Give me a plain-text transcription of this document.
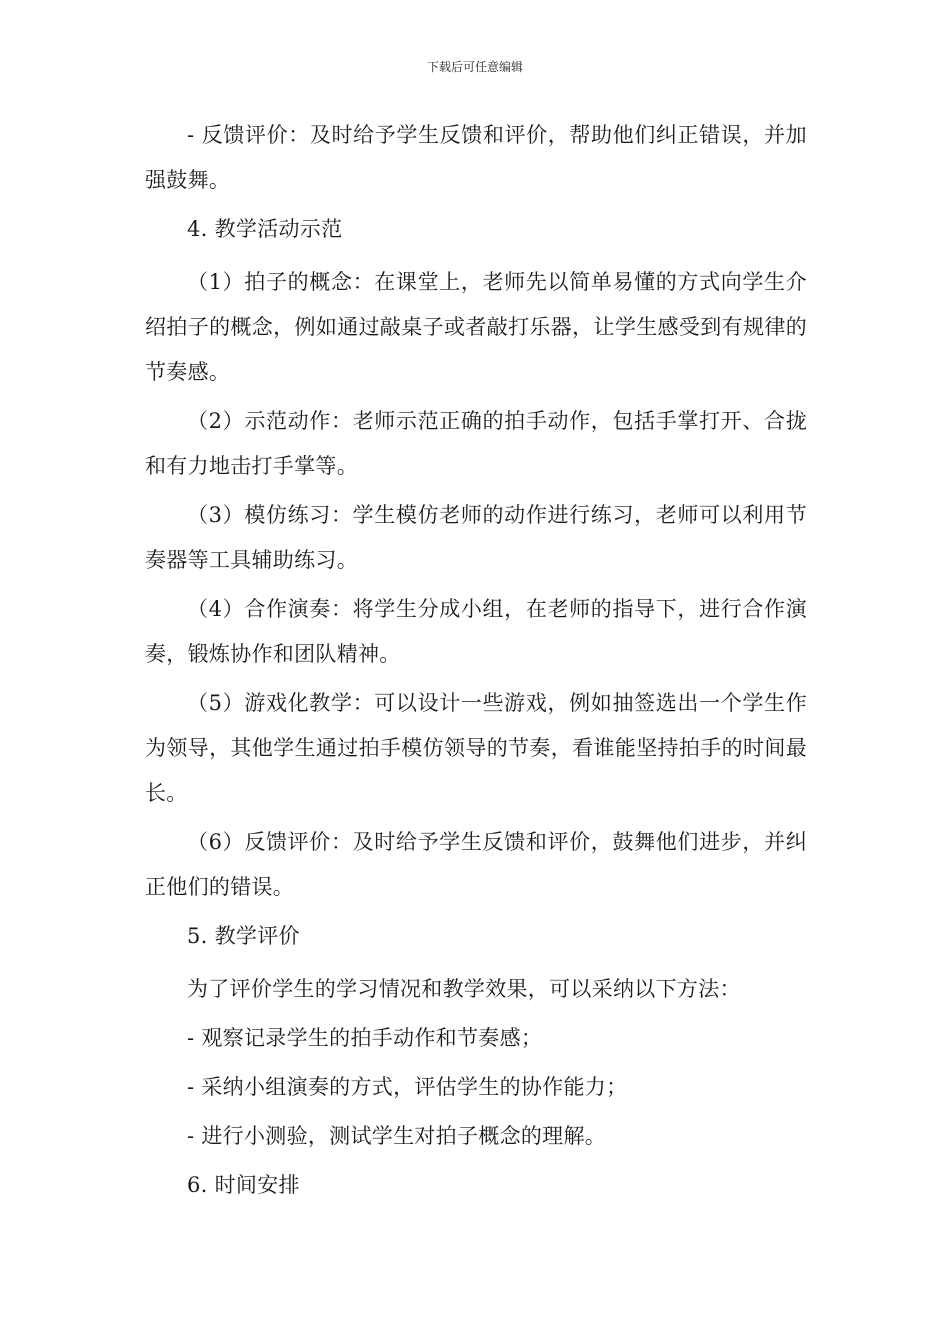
下载后可任意编辑

- 反馈评价：及时给予学生反馈和评价，帮助他们纠正错误，并加强鼓舞。

4. 教学活动示范

（1）拍子的概念：在课堂上，老师先以简单易懂的方式向学生介绍拍子的概念，例如通过敲桌子或者敲打乐器，让学生感受到有规律的节奏感。

（2）示范动作：老师示范正确的拍手动作，包括手掌打开、合拢和有力地击打手掌等。

（3）模仿练习：学生模仿老师的动作进行练习，老师可以利用节奏器等工具辅助练习。

（4）合作演奏：将学生分成小组，在老师的指导下，进行合作演奏，锻炼协作和团队精神。

（5）游戏化教学：可以设计一些游戏，例如抽签选出一个学生作为领导，其他学生通过拍手模仿领导的节奏，看谁能坚持拍手的时间最长。

（6）反馈评价：及时给予学生反馈和评价，鼓舞他们进步，并纠正他们的错误。

5. 教学评价

为了评价学生的学习情况和教学效果，可以采纳以下方法：

- 观察记录学生的拍手动作和节奏感；

- 采纳小组演奏的方式，评估学生的协作能力；

- 进行小测验，测试学生对拍子概念的理解。

6. 时间安排
